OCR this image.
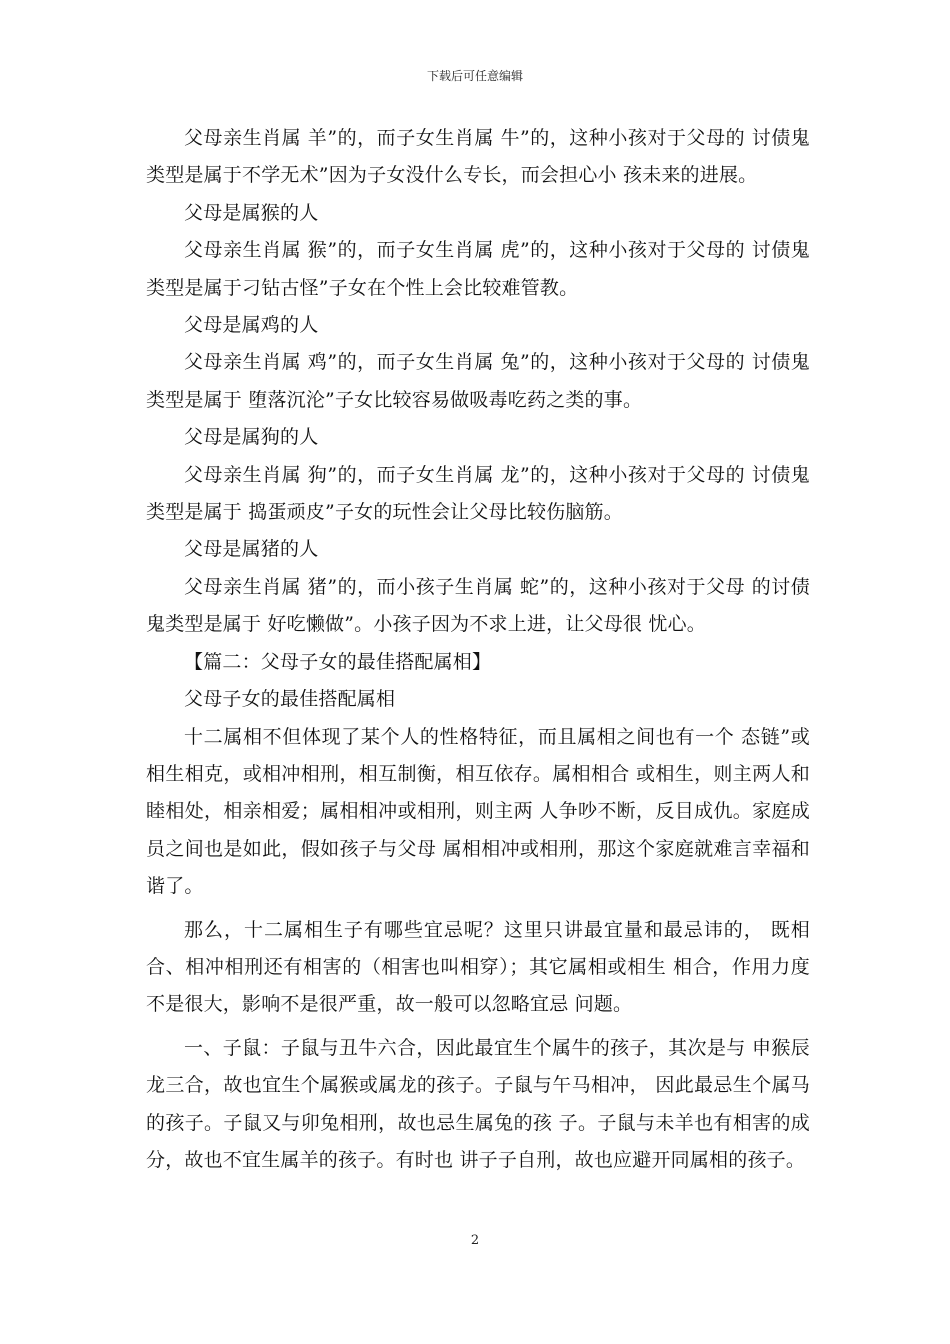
下载后可任意编辑

父母亲生肖属 羊”的，而子女生肖属 牛”的，这种小孩对于父母的 讨债鬼类型是属于不学无术”因为子女没什么专长，而会担心小 孩未来的进展。

父母是属猴的人

父母亲生肖属 猴”的，而子女生肖属 虎”的，这种小孩对于父母的 讨债鬼类型是属于刁钻古怪”子女在个性上会比较难管教。

父母是属鸡的人

父母亲生肖属 鸡”的，而子女生肖属 兔”的，这种小孩对于父母的 讨债鬼类型是属于 堕落沉沦”子女比较容易做吸毒吃药之类的事。

父母是属狗的人

父母亲生肖属 狗”的，而子女生肖属 龙”的，这种小孩对于父母的 讨债鬼类型是属于 捣蛋顽皮”子女的玩性会让父母比较伤脑筋。

父母是属猪的人

父母亲生肖属 猪”的，而小孩子生肖属 蛇”的，这种小孩对于父母 的讨债鬼类型是属于 好吃懒做”。小孩子因为不求上进，让父母很 忧心。

【篇二：父母子女的最佳搭配属相】

父母子女的最佳搭配属相

十二属相不但体现了某个人的性格特征，而且属相之间也有一个 态链”或相生相克，或相冲相刑，相互制衡，相互依存。属相相合 或相生，则主两人和睦相处，相亲相爱；属相相冲或相刑，则主两 人争吵不断，反目成仇。家庭成员之间也是如此，假如孩子与父母 属相相冲或相刑，那这个家庭就难言幸福和谐了。

那么，十二属相生子有哪些宜忌呢？这里只讲最宜量和最忌讳的， 既相合、相冲相刑还有相害的（相害也叫相穿）；其它属相或相生 相合，作用力度不是很大，影响不是很严重，故一般可以忽略宜忌 问题。

一、子鼠：子鼠与丑牛六合，因此最宜生个属牛的孩子，其次是与 申猴辰龙三合，故也宜生个属猴或属龙的孩子。子鼠与午马相冲， 因此最忌生个属马的孩子。子鼠又与卯兔相刑，故也忌生属兔的孩 子。子鼠与未羊也有相害的成分，故也不宜生属羊的孩子。有时也 讲子子自刑，故也应避开同属相的孩子。

2
